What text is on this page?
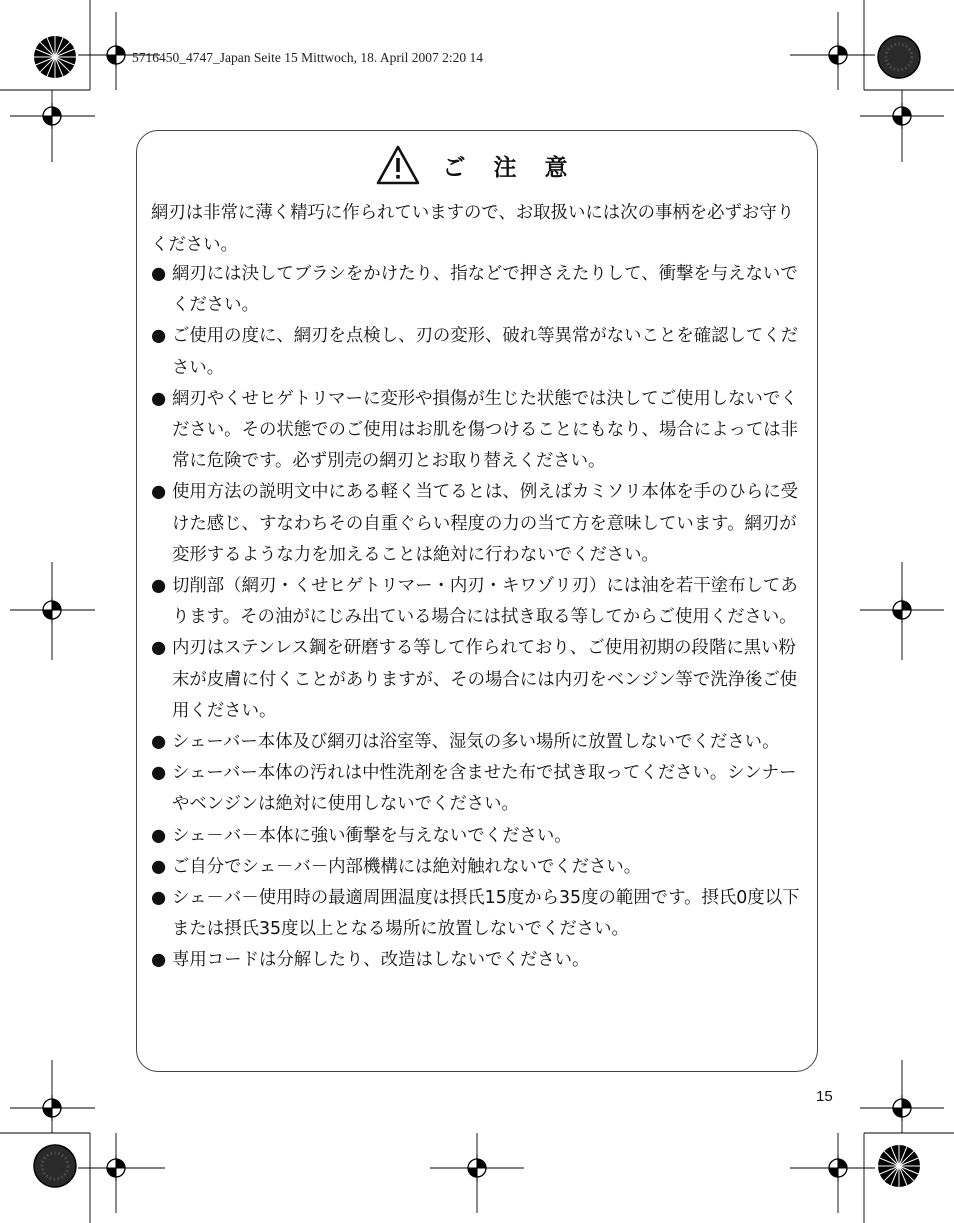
5716450_4747_Japan Seite 15 Mittwoch, 18. April 2007 2:20 14
ご 注 意

網刃は非常に薄く精巧に作られていますので、お取扱いには次の事柄を必ずお守りください。

● 網刃には決してブラシをかけたり、指などで押さえたりして、衝撃を与えないでください。
● ご使用の度に、網刃を点検し、刃の変形、破れ等異常がないことを確認してください。
● 網刃やくせヒゲトリマーに変形や損傷が生じた状態では決してご使用しないでください。その状態でのご使用はお肌を傷つけることにもなり、場合によっては非常に危険です。必ず別売の網刃とお取り替えください。
● 使用方法の説明文中にある軽く当てるとは、例えばカミソリ本体を手のひらに受けた感じ、すなわちその自重ぐらい程度の力の当て方を意味しています。網刃が変形するような力を加えることは絶対に行わないでください。
● 切削部（網刃・くせヒゲトリマー・内刃・キワゾリ刃）には油を若干塗布してあります。その油がにじみ出ている場合には拭き取る等してからご使用ください。
● 内刃はステンレス鋼を研磨する等して作られており、ご使用初期の段階に黒い粉末が皮膚に付くことがありますが、その場合には内刃をベンジン等で洗浄後ご使用ください。
● シェーバー本体及び網刃は浴室等、湿気の多い場所に放置しないでください。
● シェーバー本体の汚れは中性洗剤を含ませた布で拭き取ってください。シンナーやベンジンは絶対に使用しないでください。
● シェ－バ－本体に強い衝撃を与えないでください。
● ご自分でシェ－バ－内部機構には絶対触れないでください。
● シェ－バ－使用時の最適周囲温度は摂氏15度から35度の範囲です。摂氏0度以下または摂氏35度以上となる場所に放置しないでください。
● 専用コードは分解したり、改造はしないでください。
15
